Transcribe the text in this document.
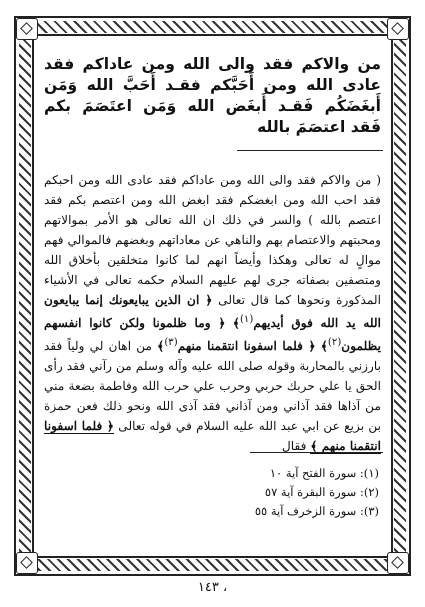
من والاكم فقد والى الله ومن عاداكم فقد عادى الله ومن أَحَبَّكم فقـد أَحَبَّ الله وَمَن أَبغَضَكُم فَقـد أَبغَض الله وَمَن اعتَصَمَ بكم فَقد اعتصَمَ بالله
( من والاكم فقد والى الله ومن عاداكم فقد عادى الله ومن احبكم فقد احب الله ومن ابغضكم فقد ابغض الله ومن اعتصم بكم فقد اعتصم بالله ) والسر في ذلك ان الله تعالى هو الأمر بموالاتهم ومحبتهم والاعتصام بهم والناهي عن معاداتهم وبغضهم فالموالي فهم موالٍ له تعالى وهكذا وأيضاً انهم لما كانوا متخلقين بأخلاق الله ومتصفين بصفاته جرى لهم عليهم السلام حكمه تعالى في الأشياء المذكورة ونحوها كما قال تعالى ﴿ ان الذين يبايعونك إنما يبايعون الله يد الله فوق أيديهم$^{(١)}$﴾ ﴿ وما ظلمونا ولكن كانوا انفسهم يظلمون$^{(٢)}$﴾ ﴿ فلما اسفونا انتقمنا منهم$^{(٣)}$﴾ من اهان لي ولياً فقد بارزني بالمحاربة وقوله صلى الله عليه وآله وسلم من رآني فقد رأى الحق يا علي حربك حربي وحرب علي حرب الله وفاطمة بضعة مني من آذاها فقد آذاني ومن آذاني فقد آذى الله ونحو ذلك فعن حمزة بن بزيع عن ابي عبد الله عليه السلام في قوله تعالى ﴿ فلما اسفونا انتقمنا منهم ﴾ فقال
(١): سورة الفتح آية ١٠
(٢): سورة البقرة آية ٥٧
(٣): سورة الزخرف آية ٥٥
، ١٤٣
